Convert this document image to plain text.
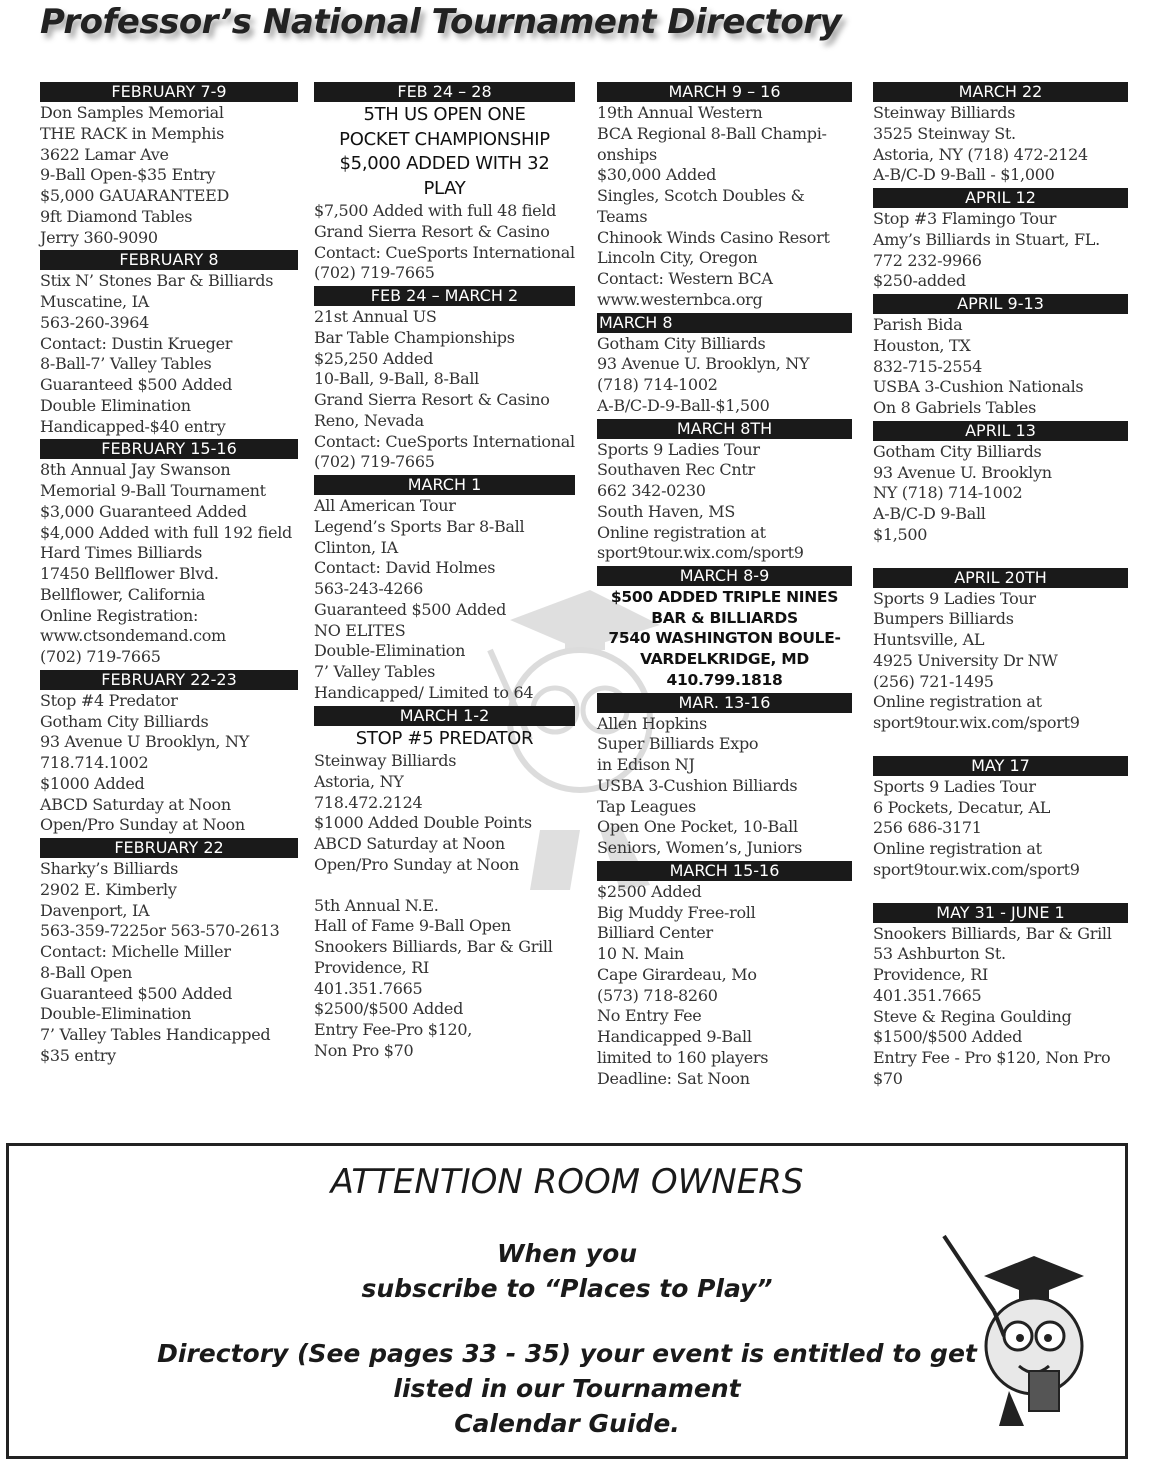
Professor’s National Tournament Directory
FEBRUARY 7-9
Don Samples Memorial
THE RACK in Memphis
3622 Lamar Ave
9-Ball Open-$35 Entry
$5,000 GAUARANTEED
9ft Diamond Tables
Jerry 360-9090
FEBRUARY 8
Stix N’ Stones Bar & Billiards
Muscatine, IA
563-260-3964
Contact: Dustin Krueger
8-Ball-7’ Valley Tables
Guaranteed $500 Added
Double Elimination
Handicapped-$40 entry
FEBRUARY 15-16
8th Annual Jay Swanson
Memorial 9-Ball Tournament
$3,000 Guaranteed Added
$4,000 Added with full 192 field
Hard Times Billiards
17450 Bellflower Blvd.
Bellflower, California
Online Registration:
www.ctsondemand.com
(702) 719-7665
FEBRUARY 22-23
Stop #4 Predator
Gotham City Billiards
93 Avenue U Brooklyn, NY
718.714.1002
$1000 Added
ABCD Saturday at Noon
Open/Pro Sunday at Noon
FEBRUARY 22
Sharky’s Billiards
2902 E. Kimberly
Davenport, IA
563-359-7225or 563-570-2613
Contact: Michelle Miller
8-Ball Open
Guaranteed $500 Added
Double-Elimination
7’ Valley Tables Handicapped
$35 entry
FEB 24 – 28
5TH US OPEN ONE
POCKET CHAMPIONSHIP
$5,000 ADDED WITH 32
PLAY
$7,500 Added with full 48 field
Grand Sierra Resort & Casino
Contact: CueSports International
(702) 719-7665
FEB 24 – MARCH 2
21st Annual US
Bar Table Championships
$25,250 Added
10-Ball, 9-Ball, 8-Ball
Grand Sierra Resort & Casino
Reno, Nevada
Contact: CueSports International
(702) 719-7665
MARCH 1
All American Tour
Legend’s Sports Bar 8-Ball
Clinton, IA
Contact: David Holmes
563-243-4266
Guaranteed $500 Added
NO ELITES
Double-Elimination
7’ Valley Tables
Handicapped/ Limited to 64
MARCH 1-2
STOP #5 PREDATOR
Steinway Billiards
Astoria, NY
718.472.2124
$1000 Added Double Points
ABCD Saturday at Noon
Open/Pro Sunday at Noon
5th Annual N.E.
Hall of Fame 9-Ball Open
Snookers Billiards, Bar & Grill
Providence, RI
401.351.7665
$2500/$500 Added
Entry Fee-Pro $120,
Non Pro $70
MARCH 9 – 16
19th Annual Western
BCA Regional 8-Ball Champi-
onships
$30,000 Added
Singles, Scotch Doubles &
Teams
Chinook Winds Casino Resort
Lincoln City, Oregon
Contact: Western BCA
www.westernbca.org
MARCH 8
Gotham City Billiards
93 Avenue U. Brooklyn, NY
(718) 714-1002
A-B/C-D-9-Ball-$1,500
MARCH 8TH
Sports 9 Ladies Tour
Southaven Rec Cntr
662 342-0230
South Haven, MS
Online registration at
sport9tour.wix.com/sport9
MARCH 8-9
$500 ADDED TRIPLE NINES
BAR & BILLIARDS
7540 WASHINGTON BOULE-
VARDELKRIDGE, MD
410.799.1818
MAR. 13-16
Allen Hopkins
Super Billiards Expo
in Edison NJ
USBA 3-Cushion Billiards
Tap Leagues
Open One Pocket, 10-Ball
Seniors, Women’s, Juniors
MARCH 15-16
$2500 Added
Big Muddy Free-roll
Billiard Center
10 N. Main
Cape Girardeau, Mo
(573) 718-8260
No Entry Fee
Handicapped 9-Ball
limited to 160 players
Deadline: Sat Noon
MARCH 22
Steinway Billiards
3525 Steinway St.
Astoria, NY (718) 472-2124
A-B/C-D 9-Ball - $1,000
APRIL 12
Stop #3 Flamingo Tour
Amy’s Billiards in Stuart, FL.
772 232-9966
$250-added
APRIL 9-13
Parish Bida
Houston, TX
832-715-2554
USBA 3-Cushion Nationals
On 8 Gabriels Tables
APRIL 13
Gotham City Billiards
93 Avenue U. Brooklyn
NY (718) 714-1002
A-B/C-D 9-Ball
$1,500
APRIL 20TH
Sports 9 Ladies Tour
Bumpers Billiards
Huntsville, AL
4925 University Dr NW
(256) 721-1495
Online registration at
sport9tour.wix.com/sport9
MAY 17
Sports 9 Ladies Tour
6 Pockets, Decatur, AL
256 686-3171
Online registration at
sport9tour.wix.com/sport9
MAY 31 - JUNE 1
Snookers Billiards, Bar & Grill
53 Ashburton St.
Providence, RI
401.351.7665
Steve & Regina Goulding
$1500/$500 Added
Entry Fee - Pro $120, Non Pro
$70
ATTENTION ROOM OWNERS
When you
subscribe to “Places to Play”
Directory (See pages 33 - 35) your event is entitled to get
listed in our Tournament
Calendar Guide.
